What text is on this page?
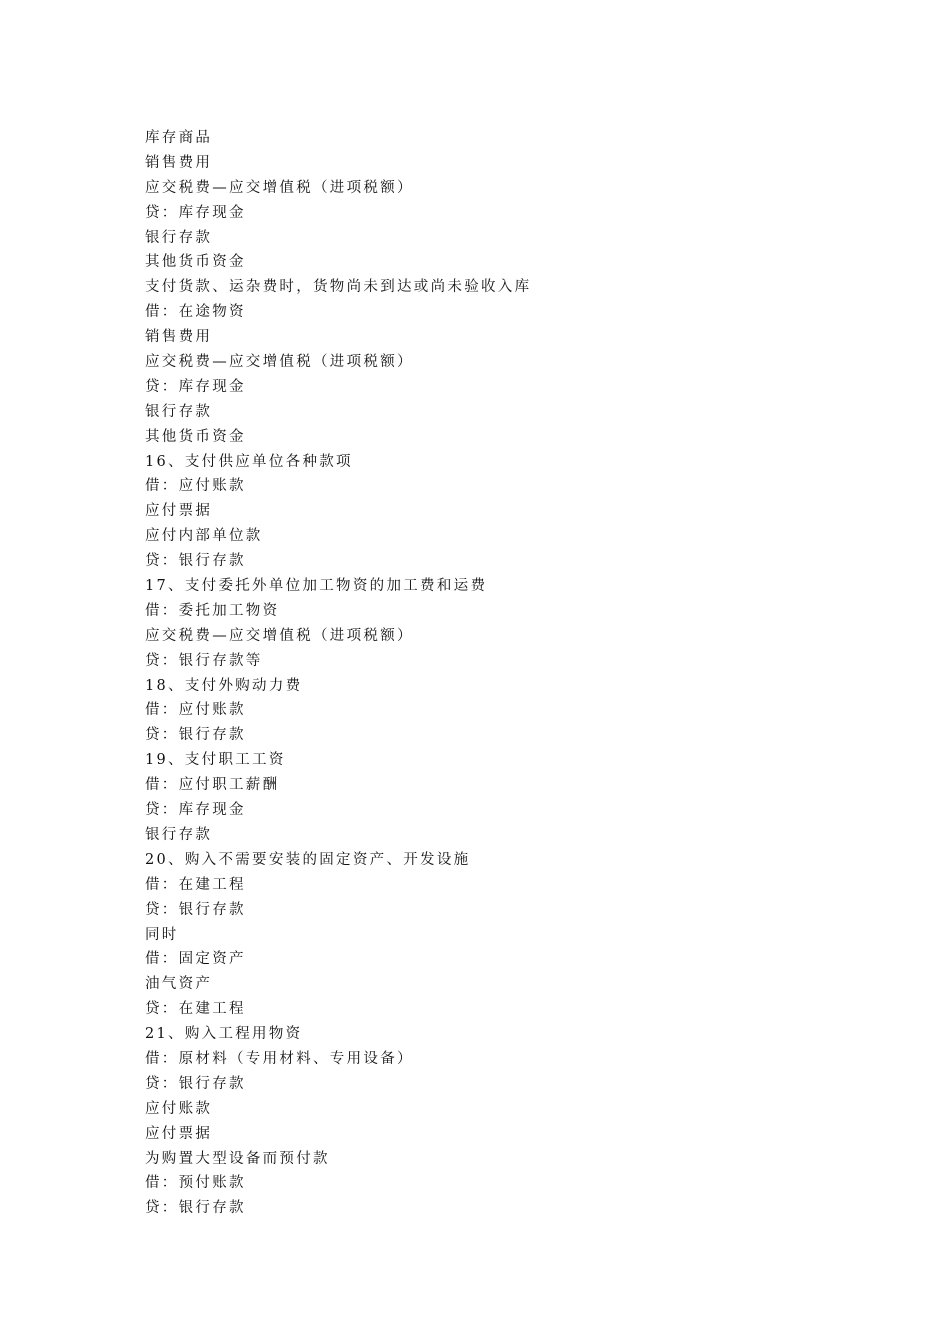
库存商品
销售费用
应交税费—应交增值税（进项税额）
贷：库存现金
银行存款
其他货币资金
支付货款、运杂费时，货物尚未到达或尚未验收入库
借：在途物资
销售费用
应交税费—应交增值税（进项税额）
贷：库存现金
银行存款
其他货币资金
16、支付供应单位各种款项
借：应付账款
应付票据
应付内部单位款
贷：银行存款
17、支付委托外单位加工物资的加工费和运费
借：委托加工物资
应交税费—应交增值税（进项税额）
贷：银行存款等
18、支付外购动力费
借：应付账款
贷：银行存款
19、支付职工工资
借：应付职工薪酬
贷：库存现金
银行存款
20、购入不需要安装的固定资产、开发设施
借：在建工程
贷：银行存款
同时
借：固定资产
油气资产
贷：在建工程
21、购入工程用物资
借：原材料（专用材料、专用设备）
贷：银行存款
应付账款
应付票据
为购置大型设备而预付款
借：预付账款
贷：银行存款
